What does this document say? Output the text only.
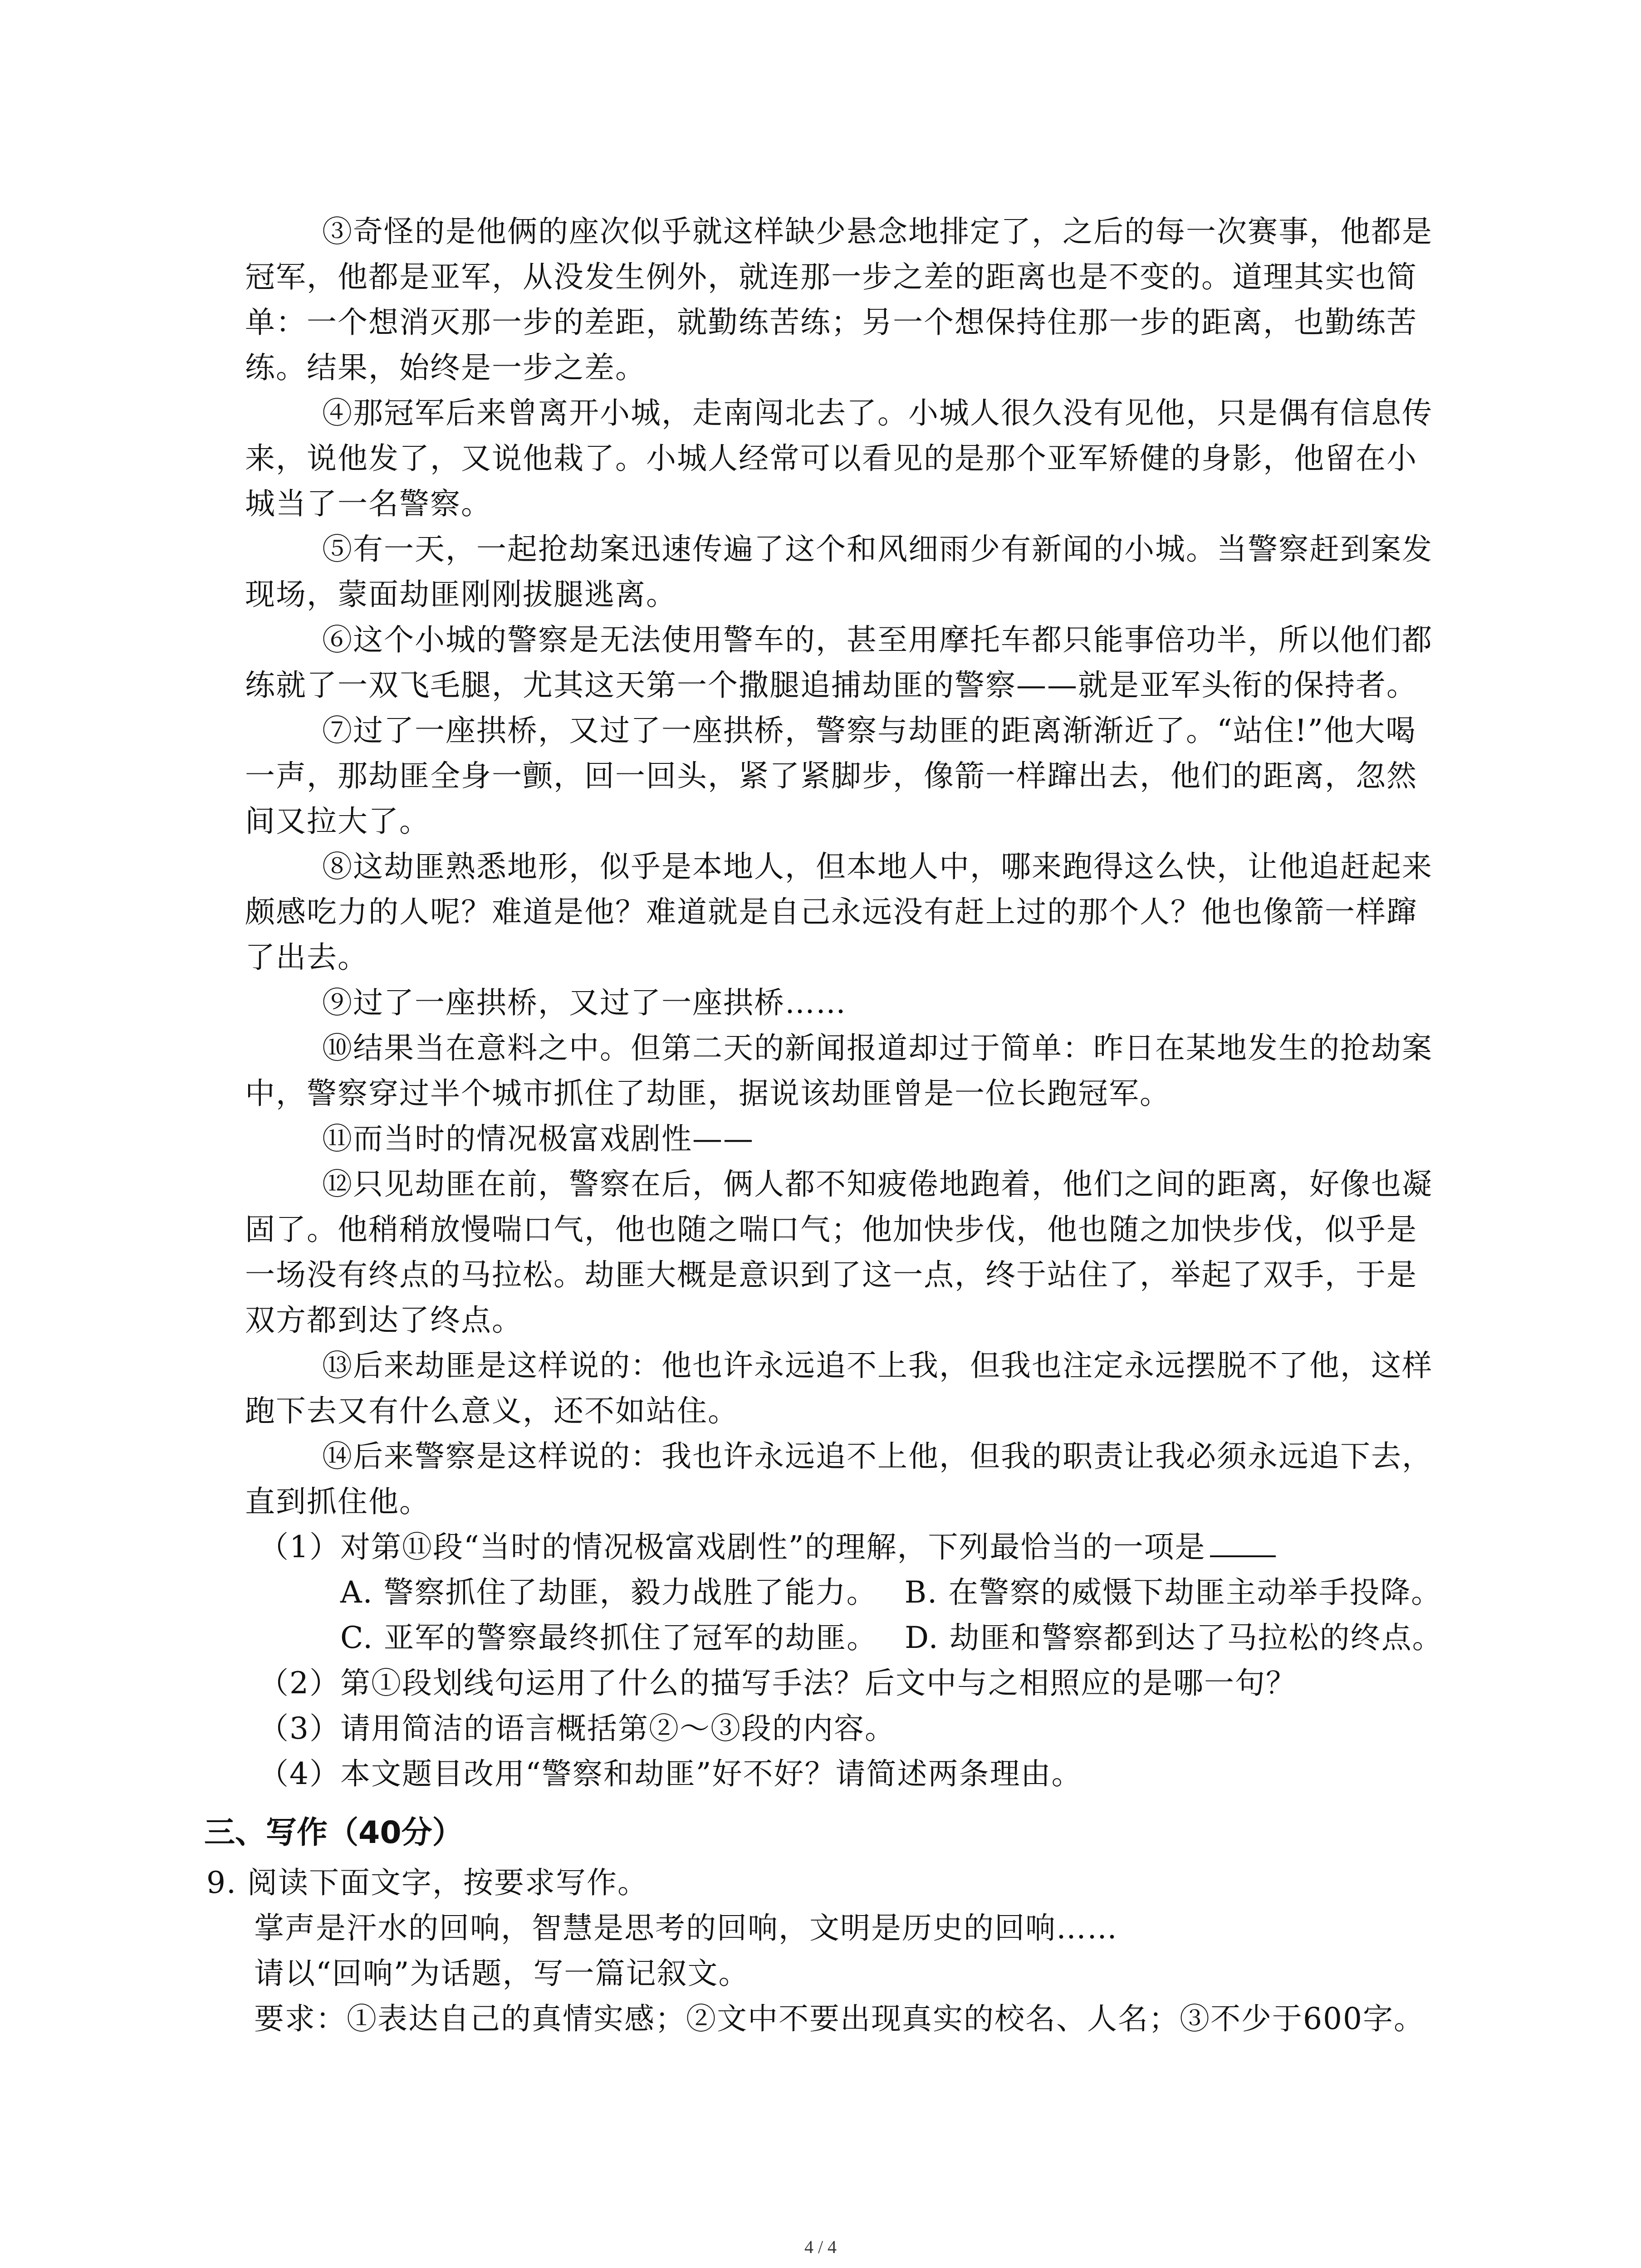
③奇怪的是他俩的座次似乎就这样缺少悬念地排定了，之后的每一次赛事，他都是
冠军，他都是亚军，从没发生例外，就连那一步之差的距离也是不变的。道理其实也简
单：一个想消灭那一步的差距，就勤练苦练；另一个想保持住那一步的距离，也勤练苦
练。结果，始终是一步之差。
④那冠军后来曾离开小城，走南闯北去了。小城人很久没有见他，只是偶有信息传
来，说他发了，又说他栽了。小城人经常可以看见的是那个亚军矫健的身影，他留在小
城当了一名警察。
⑤有一天，一起抢劫案迅速传遍了这个和风细雨少有新闻的小城。当警察赶到案发
现场，蒙面劫匪刚刚拔腿逃离。
⑥这个小城的警察是无法使用警车的，甚至用摩托车都只能事倍功半，所以他们都
练就了一双飞毛腿，尤其这天第一个撒腿追捕劫匪的警察——就是亚军头衔的保持者。
⑦过了一座拱桥，又过了一座拱桥，警察与劫匪的距离渐渐近了。“站住!”他大喝
一声，那劫匪全身一颤，回一回头，紧了紧脚步，像箭一样蹿出去，他们的距离，忽然
间又拉大了。
⑧这劫匪熟悉地形，似乎是本地人，但本地人中，哪来跑得这么快，让他追赶起来
颇感吃力的人呢？难道是他？难道就是自己永远没有赶上过的那个人？他也像箭一样蹿
了出去。
⑨过了一座拱桥，又过了一座拱桥……
⑩结果当在意料之中。但第二天的新闻报道却过于简单：昨日在某地发生的抢劫案
中，警察穿过半个城市抓住了劫匪，据说该劫匪曾是一位长跑冠军。
⑪而当时的情况极富戏剧性——
⑫只见劫匪在前，警察在后，俩人都不知疲倦地跑着，他们之间的距离，好像也凝
固了。他稍稍放慢喘口气，他也随之喘口气；他加快步伐，他也随之加快步伐，似乎是
一场没有终点的马拉松。劫匪大概是意识到了这一点，终于站住了，举起了双手，于是
双方都到达了终点。
⑬后来劫匪是这样说的：他也许永远追不上我，但我也注定永远摆脱不了他，这样
跑下去又有什么意义，还不如站住。
⑭后来警察是这样说的：我也许永远追不上他，但我的职责让我必须永远追下去，
直到抓住他。
（1）对第⑪段“当时的情况极富戏剧性”的理解，下列最恰当的一项是
A. 警察抓住了劫匪，毅力战胜了能力。 B. 在警察的威慑下劫匪主动举手投降。
C. 亚军的警察最终抓住了冠军的劫匪。 D. 劫匪和警察都到达了马拉松的终点。
（2）第①段划线句运用了什么的描写手法？后文中与之相照应的是哪一句？
（3）请用简洁的语言概括第②～③段的内容。
（4）本文题目改用“警察和劫匪”好不好？请简述两条理由。
三、写作（40分）
9. 阅读下面文字，按要求写作。
掌声是汗水的回响，智慧是思考的回响，文明是历史的回响……
请以“回响”为话题，写一篇记叙文。
要求：①表达自己的真情实感；②文中不要出现真实的校名、人名；③不少于600字。
4 / 4
